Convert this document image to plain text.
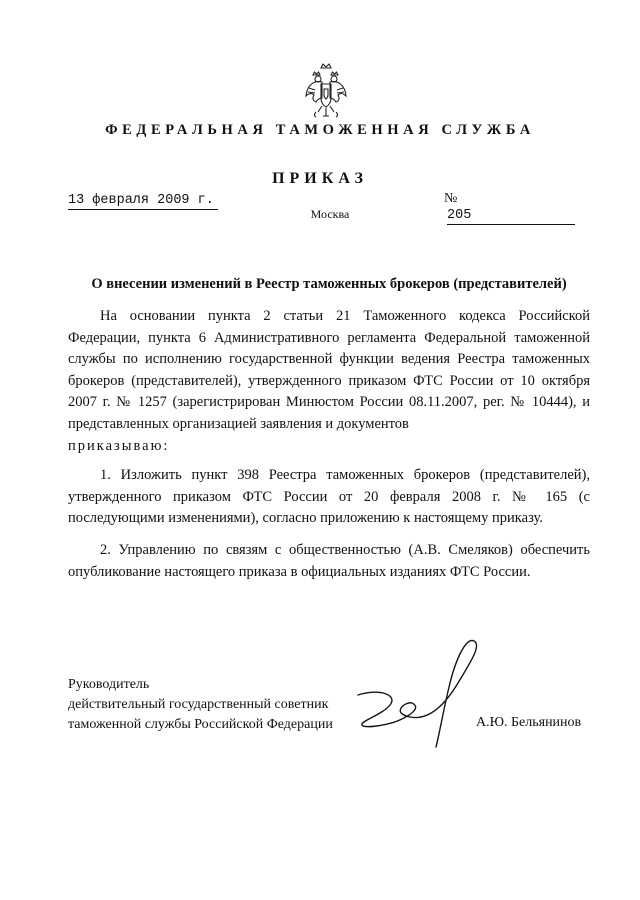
ФЕДЕРАЛЬНАЯ ТАМОЖЕННАЯ СЛУЖБА
ПРИКАЗ
13 февраля 2009 г.	№ 205
Москва
О внесении изменений в Реестр таможенных брокеров (представителей)

На основании пункта 2 статьи 21 Таможенного кодекса Российской Федерации, пункта 6 Административного регламента Федеральной таможенной службы по исполнению государственной функции ведения Реестра таможенных брокеров (представителей), утвержденного приказом ФТС России от 10 октября 2007 г. № 1257 (зарегистрирован Минюстом России 08.11.2007, рег. № 10444), и представленных организацией заявления и документов

приказываю:

1. Изложить пункт 398 Реестра таможенных брокеров (представителей), утвержденного приказом ФТС России от 20 февраля 2008 г. № 165 (с последующими изменениями), согласно приложению к настоящему приказу.

2. Управлению по связям с общественностью (А.В. Смеляков) обеспечить опубликование настоящего приказа в официальных изданиях ФТС России.

Руководитель
действительный государственный советник
таможенной службы Российской Федерации	А.Ю. Бельянинов
